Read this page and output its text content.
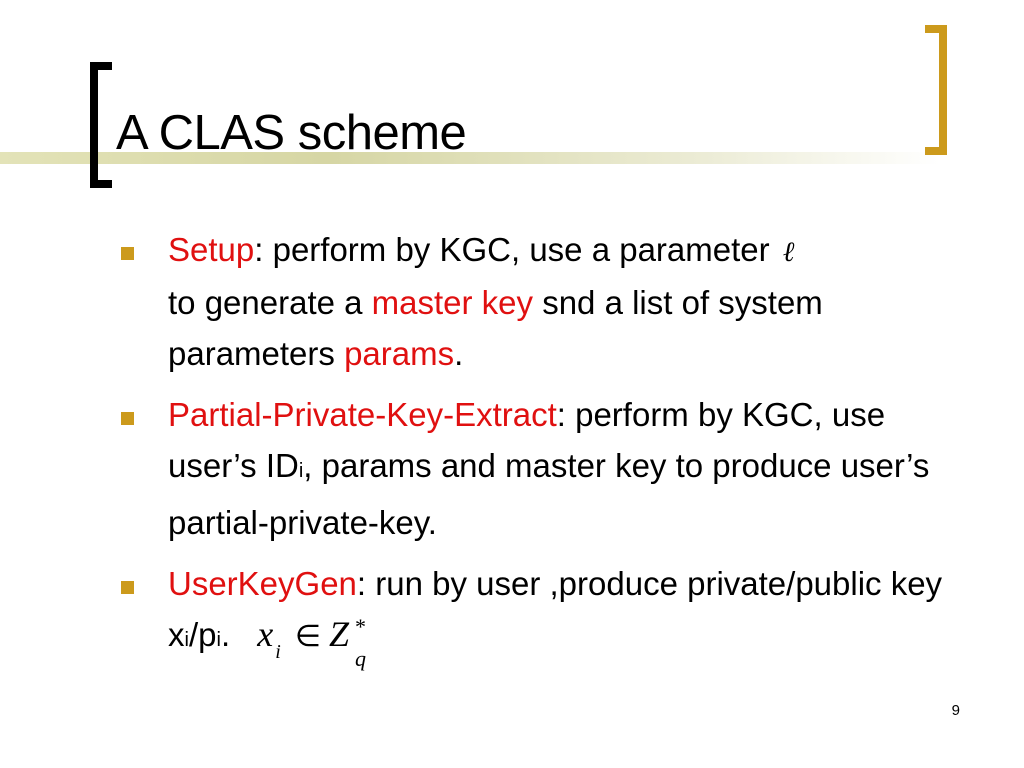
A CLAS scheme
Setup: perform by KGC, use a parameter ℓ
to generate a master key snd a list of system parameters params.
Partial-Private-Key-Extract: perform by KGC, use user’s IDi, params and master key to produce user’s partial-private-key.
UserKeyGen: run by user ,produce private/public key xi/pi. x $_i$ ∈ Z *
q
9
